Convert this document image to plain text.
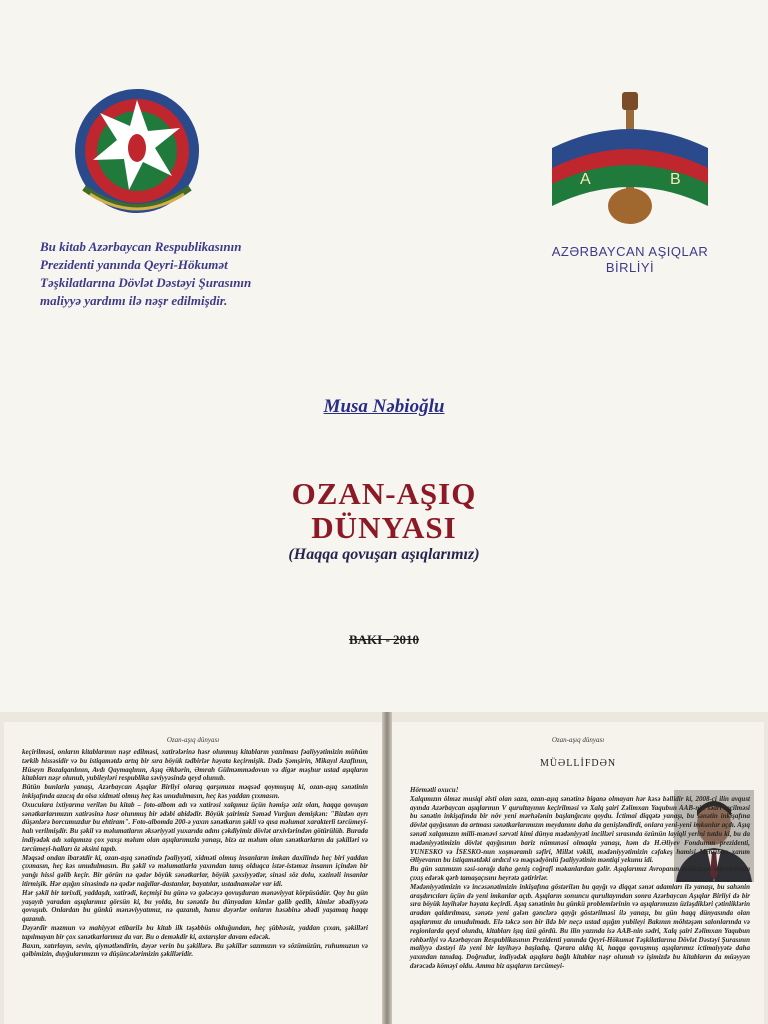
A	B
Bu kitab Azərbaycan Respublikasının
Prezidenti yanında Qeyri-Hökumət
Təşkilatlarına Dövlət Dəstəyi Şurasının
maliyyə yardımı ilə nəşr edilmişdir.
AZƏRBAYCAN AŞIQLAR
BİRLİYİ
Musa Nəbioğlu
OZAN-AŞIQ
DÜNYASI
(Haqqa qovuşan aşıqlarımız)
BAKI - 2010
Ozan-aşıq dünyası

keçirilməsi, onların kitablarının nəşr edilməsi, xatirələrinə həsr olunmuş kitabların yazılması fəaliyyətimizin mühüm tərkib hissəsidir və bu istiqamətdə artıq bir sıra böyük tədbirlər həyata keçirmişik. Dədə Şəmşirin, Mikayıl Azaflının, Hüseyn Bozalqanlının, Avdı Qaymaqlının, Aşıq Əkbərin, Əmrah Gülməmmədovun və digər məşhur ustad aşıqların kitabları nəşr olunub, yubileyləri respublika səviyyəsində qeyd olunub.

Bütün bunlarla yanaşı, Azərbaycan Aşıqlar Birliyi olaraq qarşımıza məqsəd qoymuşuq ki, ozan-aşıq sənətinin inkişafında azacıq da olsa xidməti olmuş heç kəs unudulmasın, heç kəs yaddan çıxmasın.

Oxuculara ixtiyarına verilən bu kitab – foto-albom adı və xatirəsi xalqımız üçün həmişə əziz olan, haqqa qovuşan sənətkarlarımızın xatirəsinə həsr olunmuş bir ədəbi abidədir. Böyük şairimiz Səməd Vurğun demişkən: "Bizdən ayrı düşənlərə borcumuzdur bu ehtiram". Foto-albomda 200-ə yaxın sənətkarın şəkli və qısa məlumat xarakterli tərcümeyi-halı verilmişdir. Bu şəkil və məlumatların əksəriyyəti yuxarıda adını çəkdiyimiz dövlət arxivlərindən götürülüb. Burada indiyədək adı xalqımıza çox yaxşı məlum olan aşıqlarımızla yanaşı, bizə az məlum olan sənətkarların da şəkilləri və tərcümeyi-halları öz əksini tapıb.

Məqsəd ondan ibarətdir ki, ozan-aşıq sənətində fəaliyyəti, xidməti olmuş insanların imkan daxilində heç biri yaddan çıxmasın, heç kəs unudulmasın. Bu şəkil və məlumatlarla yaxından tanış olduqca istər-istəməz insanın içindən bir yanğı hissi gəlib keçir. Bir görün nə qədər böyük sənətkarlar, böyük şəxsiyyətlər, sinəsi söz dolu, xəzinəli insanlar itirmişik. Hər aşığın sinəsində nə qədər nağıllar-dastanlar, bayatılar, ustadnamələr var idi.

Hər şəkil bir tarixdi, yaddaşdı, xatirədi, keçmişi bu günə və gələcəyə qovuşduran mənəviyyat körpüsüdür. Qoy bu gün yaşayıb yaradan aşıqlarımız görsün ki, bu yolda, bu sənətdə bu dünyadan kimlər gəlib gedib, kimlər əbədiyyətə qovuşub. Onlardan bu günkü mənəviyyatımız, nə qazanıb, hansı dəyərlər onların həsəbinə əbədi yaşamaq haqqı qazanıb.

Dəyərdir məzmun və mahiyyət etibarilə bu kitab ilk təşəbbüs olduğundan, heç şübhəsiz, yaddan çıxan, şəkilləri tapılmayan bir çox sənətkarlarımız da var. Bu o deməkdir ki, axtarışlar davam edəcək.

Baxın, xatırlayın, sevin, qiymətləndirin, dəyər verin bu şəkillərə. Bu şəkillər sazımızın və sözümüzün, ruhumuzun və qəlbimizin, duyğularımızın və düşüncələrimizin şəkilləridir.

Ozan-aşıq dünyası
MÜƏLLİFDƏN

Hörmətli oxucu!

Xalqımızın ölməz musiqi əlsti olan saza, ozan-aşıq sənətinə biganə olmayan hər kəsə bəllidir ki, 2008-ci ilin avqust ayında Azərbaycan aşıqlarının V qurultayının keçirilməsi və Xalq şairi Zəlimxan Yaqubun AAB-nin sədri seçilməsi bu sənətin inkişafında bir növ yeni mərhələnin başlanğıcını qoydu. İctimai diqqətə yanaşı, bu sənətin inkişafına dövlət qayğısının da artması sənətkarlarımızın meydanını daha da genişləndirdi, onlara yeni-yeni imkanlar açdı. Aşıq sənəti xalqımızın milli-mənəvi sərvəti kimi dünya mədəniyyəti incilləri sırasında özünün layiqli yerini tutdu ki, bu da mədəniyyətimizin dövlət qayğısının bariz nümunəsi olmaqla yanaşı, həm də H.Əliyev Fondunun prezidenti, YUNESKO və İSESKO-nun xoşməramlı səfiri, Millət vəkili, mədəniyyətimizin cəfakeş hamisi Mehriban xanım Əliyevanın bu istiqamətdəki ardıcıl və məqsədyönlü fəaliyyətinin məntiqi yekunu idi.

Bu gün sazımızın səsi-sorağı daha geniş coğrafi məkanlardan gəlir. Aşıqlarımız Avropanın möhtəşəm salonlarında çıxış edərək qərb tamaşaçısını heyrətə gətirirlər.

Mədəniyyətimizin və incəsənətimizin inkişafına göstərilən bu qayğı və diqqət sənət adamları ilə yanaşı, bu sahənin araşdırıcıları üçün də yeni imkanlar açıb. Aşıqların sonuncu qurultayından sonra Azərbaycan Aşıqlar Birliyi də bir sıra böyük layihələr həyata keçirdi. Aşıq sənətinin bu günkü problemlərinin və aşıqlarımızın üzləşdikləri çətinliklərin aradan qaldırılması, sənətə yeni gələn gənclərə qayğı göstərilməsi ilə yanaşı, bu gün haqq dünyasında olan aşıqlarımız da unudulmadı. Elə təkcə son bir ildə bir neçə ustad aşığın yubileyi Bakının möhtəşəm salonlarında və regionlarda qeyd olundu, kitabları işıq üzü gördü. Bu ilin yazında isə AAB-nin sədri, Xalq şairi Zəlimxan Yaqubun rəhbərliyi və Azərbaycan Respublikasının Prezidenti yanında Qeyri-Hökumət Təşkilatlarına Dövlət Dəstəyi Şurasının maliyyə dəstəyi ilə yeni bir layihəyə başladıq. Qərara aldıq ki, haqqa qovuşmuş aşıqlarımız ictimaiyyətə daha yaxından tanıdaq. Doğrudur, indiyədək aşıqlara bağlı kitablar nəşr olunub və işimizdə bu kitabların da müəyyən dərəcədə köməyi oldu. Amma biz aşıqların tərcümeyi-
